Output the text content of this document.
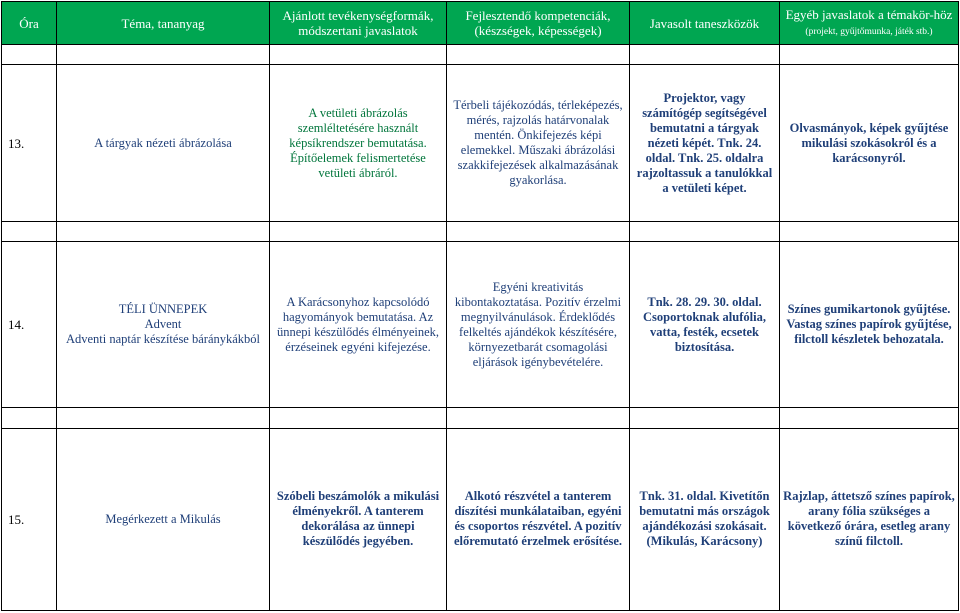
Óra	Téma, tananyag	Ajánlott tevékenységformák, módszertani javaslatok	Fejlesztendő kompetenciák, (készségek, képességek)	Javasolt taneszközök	Egyéb javaslatok a témakör-höz (projekt, gyűjtőmunka, játék stb.)

13.	A tárgyak nézeti ábrázolása	A vetületi ábrázolás szemléltetésére használt képsíkrendszer bemutatása. Építőelemek felismertetése vetületi ábráról.	Térbeli tájékozódás, térleképezés, mérés, rajzolás határvonalak mentén. Önkifejezés képi elemekkel. Műszaki ábrázolási szakkifejezések alkalmazásának gyakorlása.	Projektor, vagy számítógép segítségével bemutatni a tárgyak nézeti képét. Tnk. 24. oldal. Tnk. 25. oldalra rajzoltassuk a tanulókkal a vetületi képet.	Olvasmányok, képek gyűjtése mikulási szokásokról és a karácsonyról.

14.	TÉLI ÜNNEPEK
Advent
Adventi naptár készítése báránykákból	A Karácsonyhoz kapcsolódó hagyományok bemutatása. Az ünnepi készülődés élményeinek, érzéseinek egyéni kifejezése.	Egyéni kreativitás kibontakoztatása. Pozitív érzelmi megnyilvánulások. Érdeklődés felkeltés ajándékok készítésére, környezetbarát csomagolási eljárások igénybevételére.	Tnk. 28. 29. 30. oldal. Csoportoknak alufólia, vatta, festék, ecsetek biztosítása.	Színes gumikartonok gyűjtése. Vastag színes papírok gyűjtése, filctoll készletek behozatala.

15.	Megérkezett a Mikulás	Szóbeli beszámolók a mikulási élményekről. A tanterem dekorálása az ünnepi készülődés jegyében.	Alkotó részvétel a tanterem díszítési munkálataiban, egyéni és csoportos részvétel. A pozitív előremutató érzelmek erősítése.	Tnk. 31. oldal. Kivetítőn bemutatni más országok ajándékozási szokásait. (Mikulás, Karácsony)	Rajzlap, áttetsző színes papírok, arany fólia szükséges a következő órára, esetleg arany színű filctoll.
